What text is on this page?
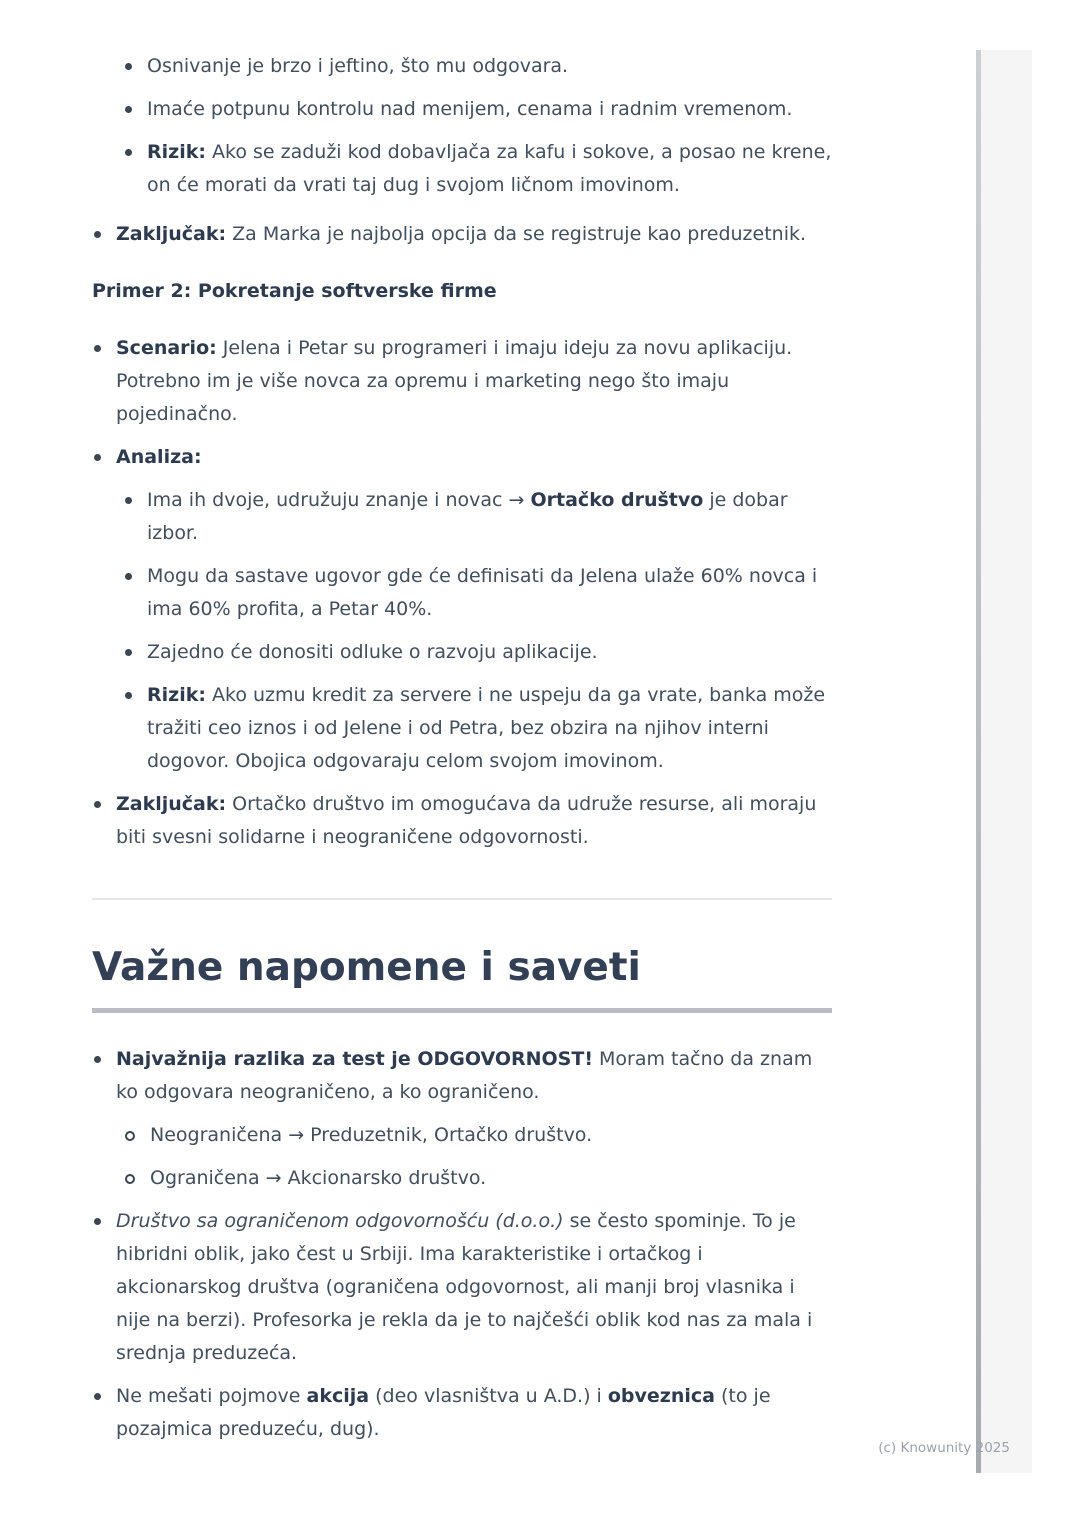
Osnivanje je brzo i jeftino, što mu odgovara.
Imaće potpunu kontrolu nad menijem, cenama i radnim vremenom.
Rizik: Ako se zaduži kod dobavljača za kafu i sokove, a posao ne krene, on će morati da vrati taj dug i svojom ličnom imovinom.
Zaključak: Za Marka je najbolja opcija da se registruje kao preduzetnik.

Primer 2: Pokretanje softverske firme

Scenario: Jelena i Petar su programeri i imaju ideju za novu aplikaciju. Potrebno im je više novca za opremu i marketing nego što imaju pojedinačno.
Analiza:
Ima ih dvoje, udružuju znanje i novac → Ortačko društvo je dobar izbor.
Mogu da sastave ugovor gde će definisati da Jelena ulaže 60% novca i ima 60% profita, a Petar 40%.
Zajedno će donositi odluke o razvoju aplikacije.
Rizik: Ako uzmu kredit za servere i ne uspeju da ga vrate, banka može tražiti ceo iznos i od Jelene i od Petra, bez obzira na njihov interni dogovor. Obojica odgovaraju celom svojom imovinom.
Zaključak: Ortačko društvo im omogućava da udruže resurse, ali moraju biti svesni solidarne i neograničene odgovornosti.
Važne napomene i saveti
Najvažnija razlika za test je ODGOVORNOST! Moram tačno da znam ko odgovara neograničeno, a ko ograničeno.
Neograničena → Preduzetnik, Ortačko društvo.
Ograničena → Akcionarsko društvo.
Društvo sa ograničenom odgovornošću (d.o.o.) se često spominje. To je hibridni oblik, jako čest u Srbiji. Ima karakteristike i ortačkog i akcionarskog društva (ograničena odgovornost, ali manji broj vlasnika i nije na berzi). Profesorka je rekla da je to najčešći oblik kod nas za mala i srednja preduzeća.
Ne mešati pojmove akcija (deo vlasništva u A.D.) i obveznica (to je pozajmica preduzeću, dug).
(c) Knowunity 2025
